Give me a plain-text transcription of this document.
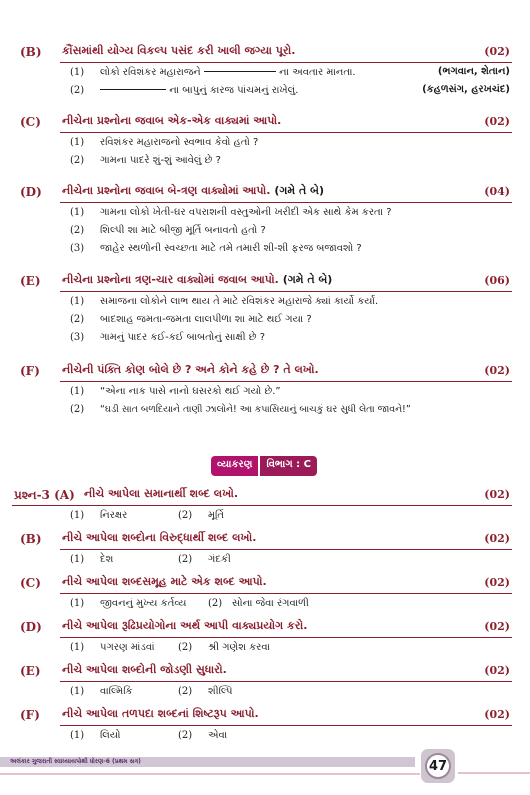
(B) કૌંસમાંથી યોગ્ય વિકલ્પ પસંદ કરી ખાલી જગ્યા પૂરો.	(02)
(1) લોકો રવિશંકર મહારાજને	ના અવતાર માનતા.	(ભગવાન, શેતાન)
(2)	ના બાપુનું કારજ પાંચમનું રાખેલું.	(કહળસંગ, હરખચંદ)
(C) નીચેના પ્રશ્નોના જવાબ એક-એક વાક્યમાં આપો.	(02)
(1) રવિશંકર મહારાજનો સ્વભાવ કેવો હતો ?
(2) ગામના પાદરે શું-શું આવેલું છે ?
(D) નીચેના પ્રશ્નોના જવાબ બે-ત્રણ વાક્યોમાં આપો. (ગમે તે બે)	(04)
(1) ગામના લોકો ખેતી-ઘર વપરાશની વસ્તુઓની ખરીદી એક સાથે કેમ કરતા ?
(2) શિલ્પી શા માટે બીજી મૂર્તિ બનાવતો હતો ?
(3) જાહેર સ્થળોની સ્વચ્છતા માટે તમે તમારી શી-શી ફરજ બજાવશો ?
(E) નીચેના પ્રશ્નોના ત્રણ-ચાર વાક્યોમાં જવાબ આપો. (ગમે તે બે)	(06)
(1) સમાજના લોકોને લાભ થાય તે માટે રવિશંકર મહારાજે ક્યાં કાર્યો કર્યાં.
(2) બાદશાહ જમતા-જમતા લાલપીળા શા માટે થઈ ગયા ?
(3) ગામનું પાદર કઈ-કઈ બાબતોનું સાક્ષી છે ?
(F) નીચેની પંક્તિ કોણ બોલે છે ? અને કોને કહે છે ? તે લખો.	(02)
(1) “એના નાક પાસે નાનો ઘસરકો થઈ ગયો છે.”
(2) “ઘડી સાત બળદિયાને તાણી ઝાલોને! આ કપાસિયાનું બાચકું ઘર સુધી લેતા જાવને!”
વ્યાકરણ	વિભાગ : C
પ્રશ્ન-3 (A) નીચે આપેલા સમાનાર્થી શબ્દ લખો.	(02)
(1) નિરક્ષર	(2) મૂર્તિ
(B) નીચે આપેલા શબ્દોના વિરુદ્ધાર્થી શબ્દ લખો.	(02)
(1) દેશ	(2) ગંદકી
(C) નીચે આપેલા શબ્દસમૂહ માટે એક શબ્દ આપો.	(02)
(1) જીવનનું મુખ્ય કર્તવ્ય (2) સોના જેવા રંગવાળી
(D) નીચે આપેલા રૂઢિપ્રયોગોના અર્થ આપી વાક્યપ્રયોગ કરો.	(02)
(1) પગરણ માંડવાં (2) શ્રી ગણેશ કરવા
(E) નીચે આપેલા શબ્દોની જોડણી સુધારો.	(02)
(1) વાલ્મિકિ	(2) શીલ્પિ
(F) નીચે આપેલા તળપદા શબ્દનાં શિષ્ટરૂપ આપો.	(02)
(1) લિયો	(2) એવા
અલંકાર ગુજરાતી સ્વાધ્યાયપોથી ધોરણ-6 (પ્રથમ સત્ર)	47
